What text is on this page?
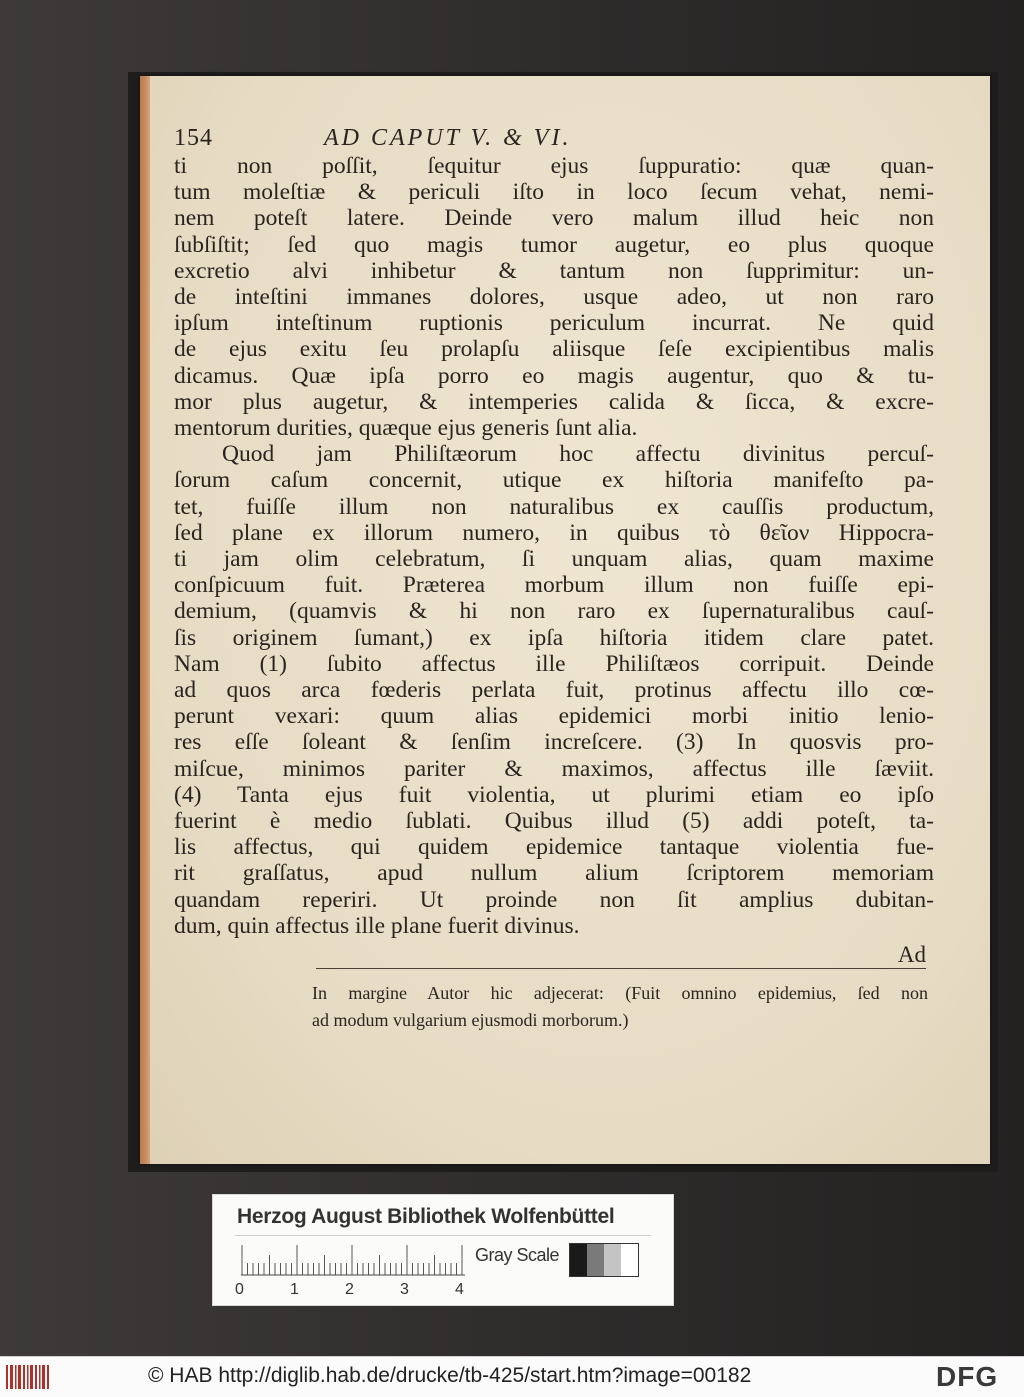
154	AD CAPUT V. & VI.
ti non poſſit, ſequitur ejus ſuppuratio: quæ quan-
tum moleſtiæ & periculi iſto in loco ſecum vehat, nemi-
nem poteſt latere. Deinde vero malum illud heic non
ſubſiſtit; ſed quo magis tumor augetur, eo plus quoque
excretio alvi inhibetur & tantum non ſupprimitur: un-
de inteſtini immanes dolores, usque adeo, ut non raro
ipſum inteſtinum ruptionis periculum incurrat. Ne quid
de ejus exitu ſeu prolapſu aliisque ſeſe excipientibus malis
dicamus. Quæ ipſa porro eo magis augentur, quo & tu-
mor plus augetur, & intemperies calida & ſicca, & excre-
mentorum durities, quæque ejus generis ſunt alia.
Quod jam Philiſtæorum hoc affectu divinitus percuſ-
ſorum caſum concernit, utique ex hiſtoria manifeſto pa-
tet, fuiſſe illum non naturalibus ex cauſſis productum,
ſed plane ex illorum numero, in quibus τὸ θεῖον Hippocra-
ti jam olim celebratum, ſi unquam alias, quam maxime
conſpicuum fuit. Præterea morbum illum non fuiſſe epi-
demium, (quamvis & hi non raro ex ſupernaturalibus cauſ-
ſis originem ſumant,) ex ipſa hiſtoria itidem clare patet.
Nam (1) ſubito affectus ille Philiſtæos corripuit. Deinde
ad quos arca fœderis perlata fuit, protinus affectu illo cœ-
perunt vexari: quum alias epidemici morbi initio lenio-
res eſſe ſoleant & ſenſim increſcere. (3) In quosvis pro-
miſcue, minimos pariter & maximos, affectus ille ſæviit.
(4) Tanta ejus fuit violentia, ut plurimi etiam eo ipſo
fuerint è medio ſublati. Quibus illud (5) addi poteſt, ta-
lis affectus, qui quidem epidemice tantaque violentia fue-
rit graſſatus, apud nullum alium ſcriptorem memoriam
quandam reperiri. Ut proinde non ſit amplius dubitan-
dum, quin affectus ille plane fuerit divinus.
Ad
In margine Autor hic adjecerat: (Fuit omnino epidemius, ſed non
ad modum vulgarium ejusmodi morborum.)
Herzog August Bibliothek Wolfenbüttel
Gray Scale
0	1	2	3	4
© HAB http://diglib.hab.de/drucke/tb-425/start.htm?image=00182	DFG
